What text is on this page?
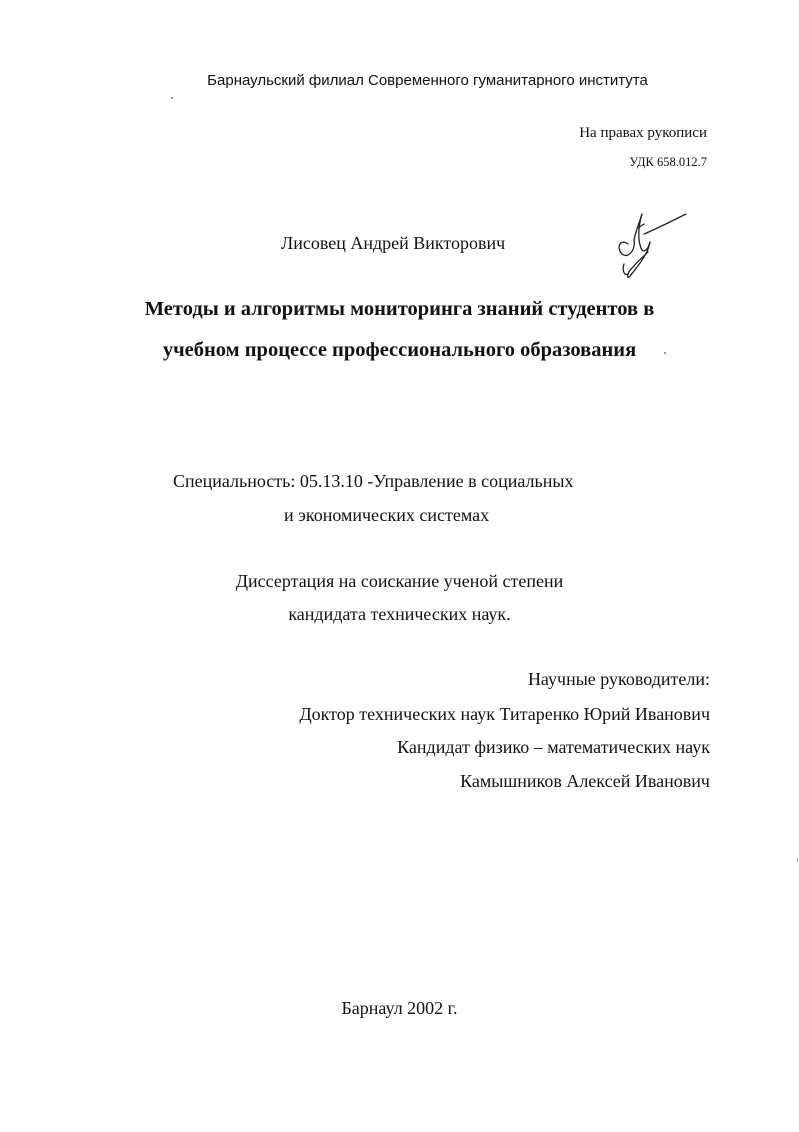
Барнаульский филиал Современного гуманитарного института
На правах рукописи
УДК 658.012.7
Лисовец Андрей Викторович
Методы и алгоритмы мониторинга знаний студентов в
учебном процессе профессионального образования
Специальность: 05.13.10 -Управление в социальных
и экономических системах
Диссертация на соискание ученой степени
кандидата технических наук.
Научные руководители:
Доктор технических наук Титаренко Юрий Иванович
Кандидат физико – математических наук
Камышников Алексей Иванович
Барнаул 2002 г.
